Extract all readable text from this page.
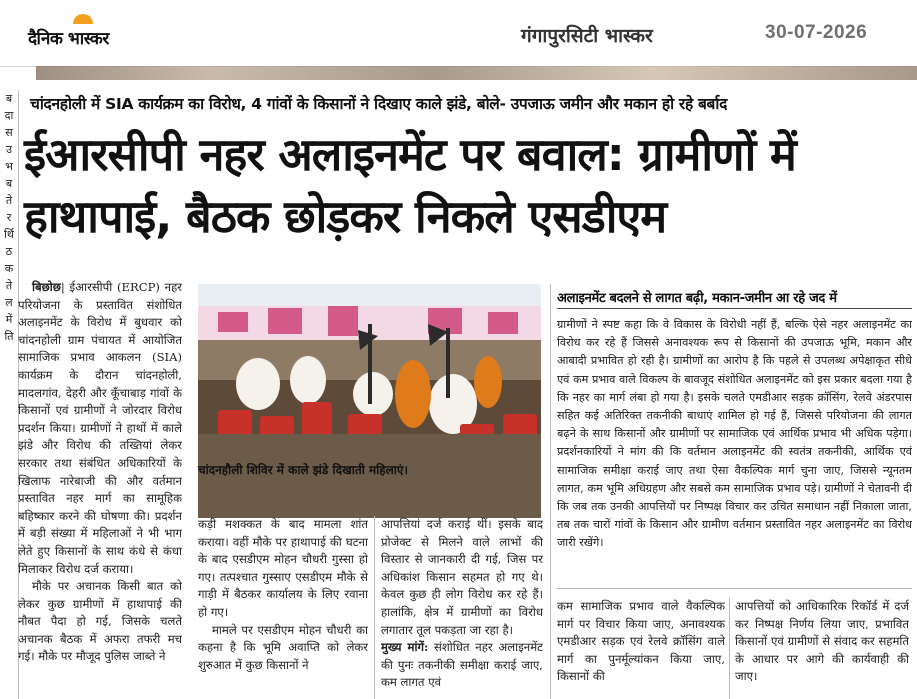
दैनिक भास्कर	गंगापुरसिटी भास्कर	30-07-2026
ब
दा
स
उ
भ
ब
ते
र
र्थि
ठ
क
ते
ल
में
ति
चांदनहोली में SIA कार्यक्रम का विरोध, 4 गांवों के किसानों ने दिखाए काले झंडे, बोले- उपजाऊ जमीन और मकान हो रहे बर्बाद
ईआरसीपी नहर अलाइनमेंट पर बवाल: ग्रामीणों में हाथापाई, बैठक छोड़कर निकले एसडीएम

बिछोछ| ईआरसीपी (ERCP) नहर परियोजना के प्रस्तावित संशोधित अलाइनमेंट के विरोध में बुधवार को चांदनहोली ग्राम पंचायत में आयोजित सामाजिक प्रभाव आकलन (SIA) कार्यक्रम के दौरान चांदनहोली, मादलगांव, देहरी और कूँचाबाड़ गांवों के किसानों एवं ग्रामीणों ने जोरदार विरोध प्रदर्शन किया। ग्रामीणों ने हाथों में काले झंडे और विरोध की तख्तियां लेकर सरकार तथा संबंधित अधिकारियों के खिलाफ नारेबाजी की और वर्तमान प्रस्तावित नहर मार्ग का सामूहिक बहिष्कार करने की घोषणा की। प्रदर्शन में बड़ी संख्या में महिलाओं ने भी भाग लेते हुए किसानों के साथ कंधे से कंधा मिलाकर विरोध दर्ज कराया।

मौके पर अचानक किसी बात को लेकर कुछ ग्रामीणों में हाथापाई की नौबत पैदा हो गई, जिसके चलते अचानक बैठक में अफरा तफरी मच गई। मौके पर मौजूद पुलिस जाब्ते ने

चांदनहौली शिविर में काले झंडे दिखाती महिलाएं।

कड़ी मशक्कत के बाद मामला शांत कराया। वहीं मौके पर हाथापाई की घटना के बाद एसडीएम मोहन चौधरी गुस्सा हो गए। तत्पश्चात गुस्साए एसडीएम मौके से गाड़ी में बैठकर कार्यालय के लिए रवाना हो गए।

मामले पर एसडीएम मोहन चौधरी का कहना है कि भूमि अवाप्ति को लेकर शुरुआत में कुछ किसानों ने

आपत्तियां दर्ज कराई थीं। इसके बाद प्रोजेक्ट से मिलने वाले लाभों की विस्तार से जानकारी दी गई, जिस पर अधिकांश किसान सहमत हो गए थे। केवल कुछ ही लोग विरोध कर रहे हैं। हालांकि, क्षेत्र में ग्रामीणों का विरोध लगातार तूल पकड़ता जा रहा है।

मुख्य मांगें: संशोधित नहर अलाइनमेंट की पुनः तकनीकी समीक्षा कराई जाए, कम लागत एवं

अलाइनमेंट बदलने से लागत बढ़ी, मकान-जमीन आ रहे जद में

ग्रामीणों ने स्पष्ट कहा कि वे विकास के विरोधी नहीं हैं, बल्कि ऐसे नहर अलाइनमेंट का विरोध कर रहे हैं जिससे अनावश्यक रूप से किसानों की उपजाऊ भूमि, मकान और आबादी प्रभावित हो रही है। ग्रामीणों का आरोप है कि पहले से उपलब्ध अपेक्षाकृत सीधे एवं कम प्रभाव वाले विकल्प के बावजूद संशोधित अलाइनमेंट को इस प्रकार बदला गया है कि नहर का मार्ग लंबा हो गया है। इसके चलते एमडीआर सड़क क्रॉसिंग, रेलवे अंडरपास सहित कई अतिरिक्त तकनीकी बाधाएं शामिल हो गई हैं, जिससे परियोजना की लागत बढ़ने के साथ किसानों और ग्रामीणों पर सामाजिक एवं आर्थिक प्रभाव भी अधिक पड़ेगा। प्रदर्शनकारियों ने मांग की कि वर्तमान अलाइनमेंट की स्वतंत्र तकनीकी, आर्थिक एवं सामाजिक समीक्षा कराई जाए तथा ऐसा वैकल्पिक मार्ग चुना जाए, जिससे न्यूनतम लागत, कम भूमि अधिग्रहण और सबसे कम सामाजिक प्रभाव पड़े। ग्रामीणों ने चेतावनी दी कि जब तक उनकी आपत्तियों पर निष्पक्ष विचार कर उचित समाधान नहीं निकाला जाता, तब तक चारों गांवों के किसान और ग्रामीण वर्तमान प्रस्तावित नहर अलाइनमेंट का विरोध जारी रखेंगे।

कम सामाजिक प्रभाव वाले वैकल्पिक मार्ग पर विचार किया जाए, अनावश्यक एमडीआर सड़क एवं रेलवे क्रॉसिंग वाले मार्ग का पुनर्मूल्यांकन किया जाए, किसानों की

आपत्तियों को आधिकारिक रिकॉर्ड में दर्ज कर निष्पक्ष निर्णय लिया जाए, प्रभावित किसानों एवं ग्रामीणों से संवाद कर सहमति के आधार पर आगे की कार्यवाही की जाए।
